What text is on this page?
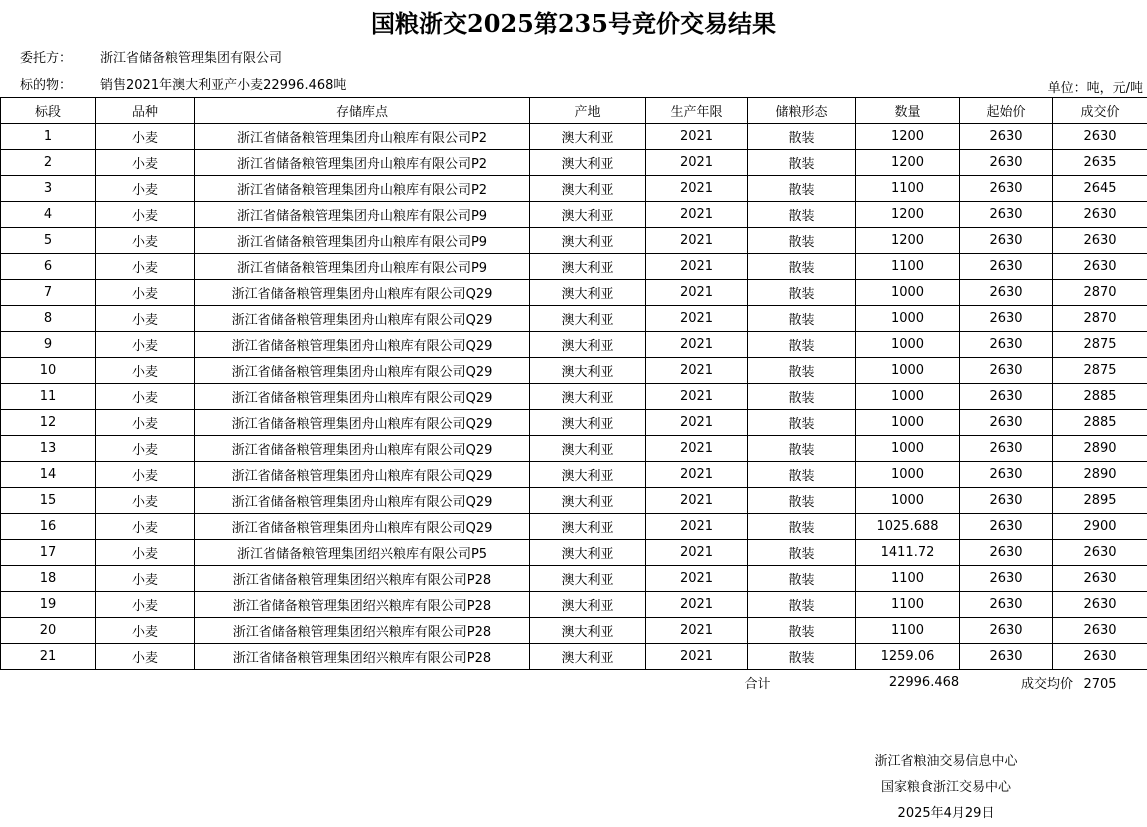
国粮浙交2025第235号竞价交易结果
委托方： 浙江省储备粮管理集团有限公司
标的物： 销售2021年澳大利亚产小麦22996.468吨	单位：吨，元/吨
标段	品种	存储库点	产地	生产年限	储粮形态	数量	起始价	成交价
1	小麦	浙江省储备粮管理集团舟山粮库有限公司P2	澳大利亚	2021	散装	1200	2630	2630
2	小麦	浙江省储备粮管理集团舟山粮库有限公司P2	澳大利亚	2021	散装	1200	2630	2635
3	小麦	浙江省储备粮管理集团舟山粮库有限公司P2	澳大利亚	2021	散装	1100	2630	2645
4	小麦	浙江省储备粮管理集团舟山粮库有限公司P9	澳大利亚	2021	散装	1200	2630	2630
5	小麦	浙江省储备粮管理集团舟山粮库有限公司P9	澳大利亚	2021	散装	1200	2630	2630
6	小麦	浙江省储备粮管理集团舟山粮库有限公司P9	澳大利亚	2021	散装	1100	2630	2630
7	小麦	浙江省储备粮管理集团舟山粮库有限公司Q29	澳大利亚	2021	散装	1000	2630	2870
8	小麦	浙江省储备粮管理集团舟山粮库有限公司Q29	澳大利亚	2021	散装	1000	2630	2870
9	小麦	浙江省储备粮管理集团舟山粮库有限公司Q29	澳大利亚	2021	散装	1000	2630	2875
10	小麦	浙江省储备粮管理集团舟山粮库有限公司Q29	澳大利亚	2021	散装	1000	2630	2875
11	小麦	浙江省储备粮管理集团舟山粮库有限公司Q29	澳大利亚	2021	散装	1000	2630	2885
12	小麦	浙江省储备粮管理集团舟山粮库有限公司Q29	澳大利亚	2021	散装	1000	2630	2885
13	小麦	浙江省储备粮管理集团舟山粮库有限公司Q29	澳大利亚	2021	散装	1000	2630	2890
14	小麦	浙江省储备粮管理集团舟山粮库有限公司Q29	澳大利亚	2021	散装	1000	2630	2890
15	小麦	浙江省储备粮管理集团舟山粮库有限公司Q29	澳大利亚	2021	散装	1000	2630	2895
16	小麦	浙江省储备粮管理集团舟山粮库有限公司Q29	澳大利亚	2021	散装	1025.688	2630	2900
17	小麦	浙江省储备粮管理集团绍兴粮库有限公司P5	澳大利亚	2021	散装	1411.72	2630	2630
18	小麦	浙江省储备粮管理集团绍兴粮库有限公司P28	澳大利亚	2021	散装	1100	2630	2630
19	小麦	浙江省储备粮管理集团绍兴粮库有限公司P28	澳大利亚	2021	散装	1100	2630	2630
20	小麦	浙江省储备粮管理集团绍兴粮库有限公司P28	澳大利亚	2021	散装	1100	2630	2630
21	小麦	浙江省储备粮管理集团绍兴粮库有限公司P28	澳大利亚	2021	散装	1259.06	2630	2630
						合计	22996.468	成交均价 2705
浙江省粮油交易信息中心
国家粮食浙江交易中心
2025年4月29日
